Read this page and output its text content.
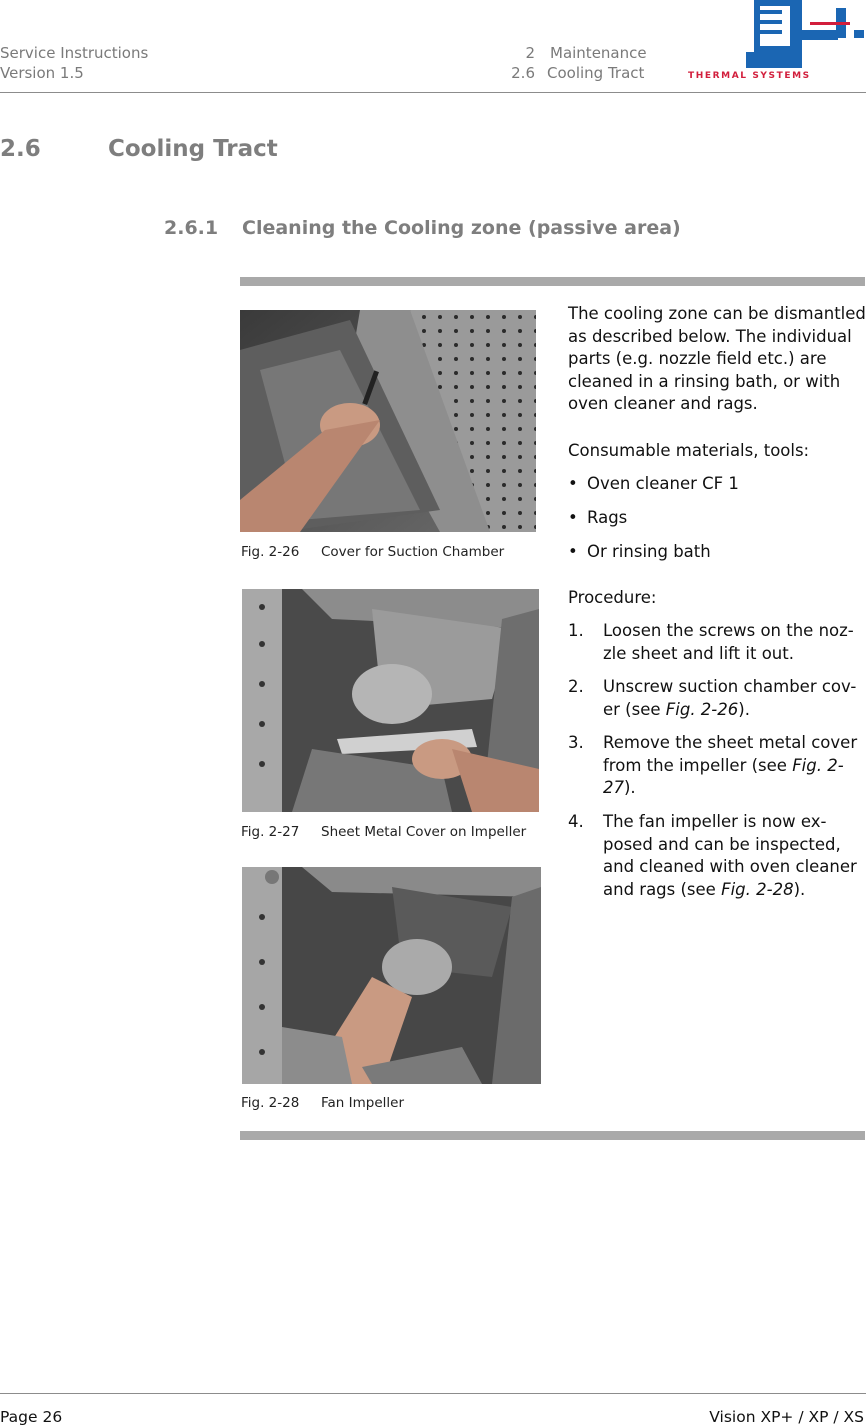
Service Instructions
Version 1.5
2 Maintenance
2.6 Cooling Tract	THERMAL SYSTEMS
2.6	Cooling Tract
2.6.1 Cleaning the Cooling zone (passive area)
Fig. 2-26 Cover for Suction Chamber
Fig. 2-27 Sheet Metal Cover on Impeller
Fig. 2-28 Fan Impeller
The cooling zone can be dismantled as described below. The individual parts (e.g. nozzle field etc.) are cleaned in a rinsing bath, or with oven cleaner and rags.
Consumable materials, tools:
• Oven cleaner CF 1
• Rags
• Or rinsing bath
Procedure:
1. Loosen the screws on the noz-zle sheet and lift it out.
2. Unscrew suction chamber cov-er (see Fig. 2-26).
3. Remove the sheet metal cover from the impeller (see Fig. 2-27).
4. The fan impeller is now ex-posed and can be inspected, and cleaned with oven cleaner and rags (see Fig. 2-28).
Page 26	Vision XP+ / XP / XS
